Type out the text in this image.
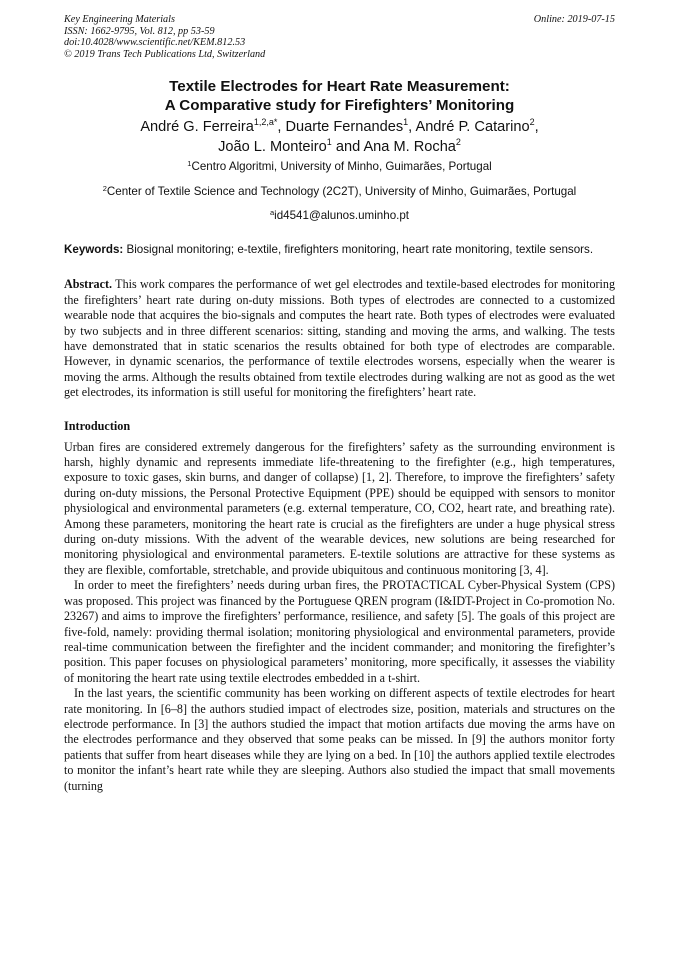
Key Engineering Materials
ISSN: 1662-9795, Vol. 812, pp 53-59
doi:10.4028/www.scientific.net/KEM.812.53
© 2019 Trans Tech Publications Ltd, Switzerland
Online: 2019-07-15
Textile Electrodes for Heart Rate Measurement:
A Comparative study for Firefighters’ Monitoring
André G. Ferreira$^{1,2,a*}$, Duarte Fernandes$^1$, André P. Catarino$^2$,
João L. Monteiro$^1$ and Ana M. Rocha$^2$
$^1$Centro Algoritmi, University of Minho, Guimarães, Portugal
$^2$Center of Textile Science and Technology (2C2T), University of Minho, Guimarães, Portugal
$^a$id4541@alunos.uminho.pt
Keywords: Biosignal monitoring; e-textile, firefighters monitoring, heart rate monitoring, textile sensors.
Abstract. This work compares the performance of wet gel electrodes and textile-based electrodes for monitoring the firefighters’ heart rate during on-duty missions. Both types of electrodes are connected to a customized wearable node that acquires the bio-signals and computes the heart rate. Both types of electrodes were evaluated by two subjects and in three different scenarios: sitting, standing and moving the arms, and walking. The tests have demonstrated that in static scenarios the results obtained for both type of electrodes are comparable. However, in dynamic scenarios, the performance of textile electrodes worsens, especially when the wearer is moving the arms. Although the results obtained from textile electrodes during walking are not as good as the wet get electrodes, its information is still useful for monitoring the firefighters’ heart rate.
Introduction
Urban fires are considered extremely dangerous for the firefighters’ safety as the surrounding environment is harsh, highly dynamic and represents immediate life-threatening to the firefighter (e.g., high temperatures, exposure to toxic gases, skin burns, and danger of collapse) [1, 2]. Therefore, to improve the firefighters’ safety during on-duty missions, the Personal Protective Equipment (PPE) should be equipped with sensors to monitor physiological and environmental parameters (e.g. external temperature, CO, CO2, heart rate, and breathing rate). Among these parameters, monitoring the heart rate is crucial as the firefighters are under a huge physical stress during on-duty missions. With the advent of the wearable devices, new solutions are being researched for monitoring physiological and environmental parameters. E-textile solutions are attractive for these systems as they are flexible, comfortable, stretchable, and provide ubiquitous and continuous monitoring [3, 4].
In order to meet the firefighters’ needs during urban fires, the PROTACTICAL Cyber-Physical System (CPS) was proposed. This project was financed by the Portuguese QREN program (I&IDT-Project in Co-promotion No. 23267) and aims to improve the firefighters’ performance, resilience, and safety [5]. The goals of this project are five-fold, namely: providing thermal isolation; monitoring physiological and environmental parameters, provide real-time communication between the firefighter and the incident commander; and monitoring the firefighter’s position. This paper focuses on physiological parameters’ monitoring, more specifically, it assesses the viability of monitoring the heart rate using textile electrodes embedded in a t-shirt.
In the last years, the scientific community has been working on different aspects of textile electrodes for heart rate monitoring. In [6–8] the authors studied impact of electrodes size, position, materials and structures on the electrode performance. In [3] the authors studied the impact that motion artifacts due moving the arms have on the electrodes performance and they observed that some peaks can be missed. In [9] the authors monitor forty patients that suffer from heart diseases while they are lying on a bed. In [10] the authors applied textile electrodes to monitor the infant’s heart rate while they are sleeping. Authors also studied the impact that small movements (turning
